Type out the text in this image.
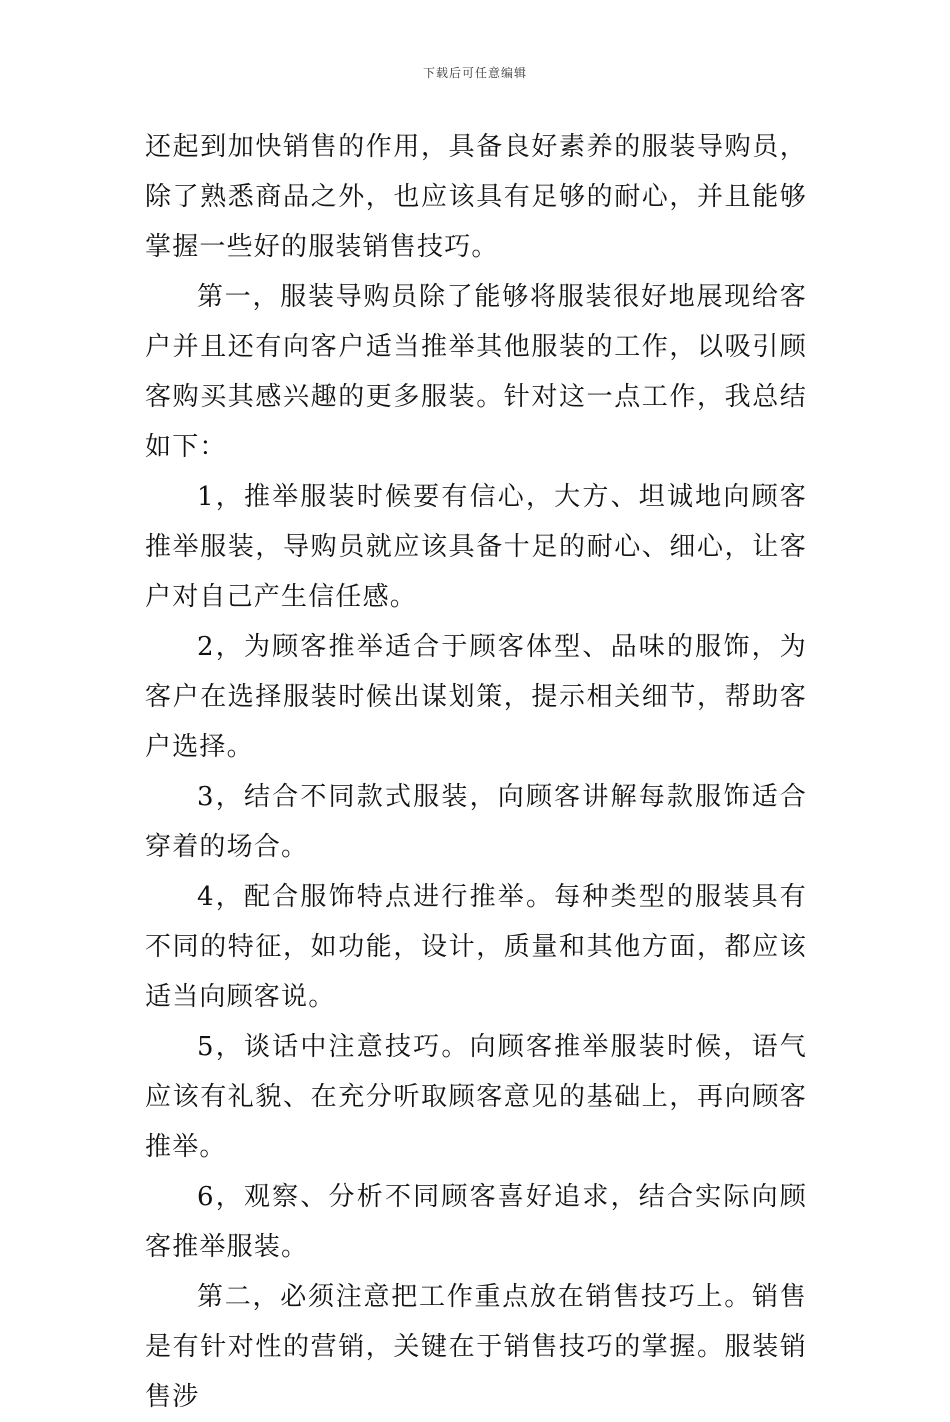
下载后可任意编辑

还起到加快销售的作用，具备良好素养的服装导购员，除了熟悉商品之外，也应该具有足够的耐心，并且能够掌握一些好的服装销售技巧。

第一，服装导购员除了能够将服装很好地展现给客户并且还有向客户适当推举其他服装的工作，以吸引顾客购买其感兴趣的更多服装。针对这一点工作，我总结如下：

1，推举服装时候要有信心，大方、坦诚地向顾客推举服装，导购员就应该具备十足的耐心、细心，让客户对自己产生信任感。

2，为顾客推举适合于顾客体型、品味的服饰，为客户在选择服装时候出谋划策，提示相关细节，帮助客户选择。

3，结合不同款式服装，向顾客讲解每款服饰适合穿着的场合。

4，配合服饰特点进行推举。每种类型的服装具有不同的特征，如功能，设计，质量和其他方面，都应该适当向顾客说。

5，谈话中注意技巧。向顾客推举服装时候，语气应该有礼貌、在充分听取顾客意见的基础上，再向顾客推举。

6，观察、分析不同顾客喜好追求，结合实际向顾客推举服装。

第二，必须注意把工作重点放在销售技巧上。销售是有针对性的营销，关键在于销售技巧的掌握。服装销售涉
